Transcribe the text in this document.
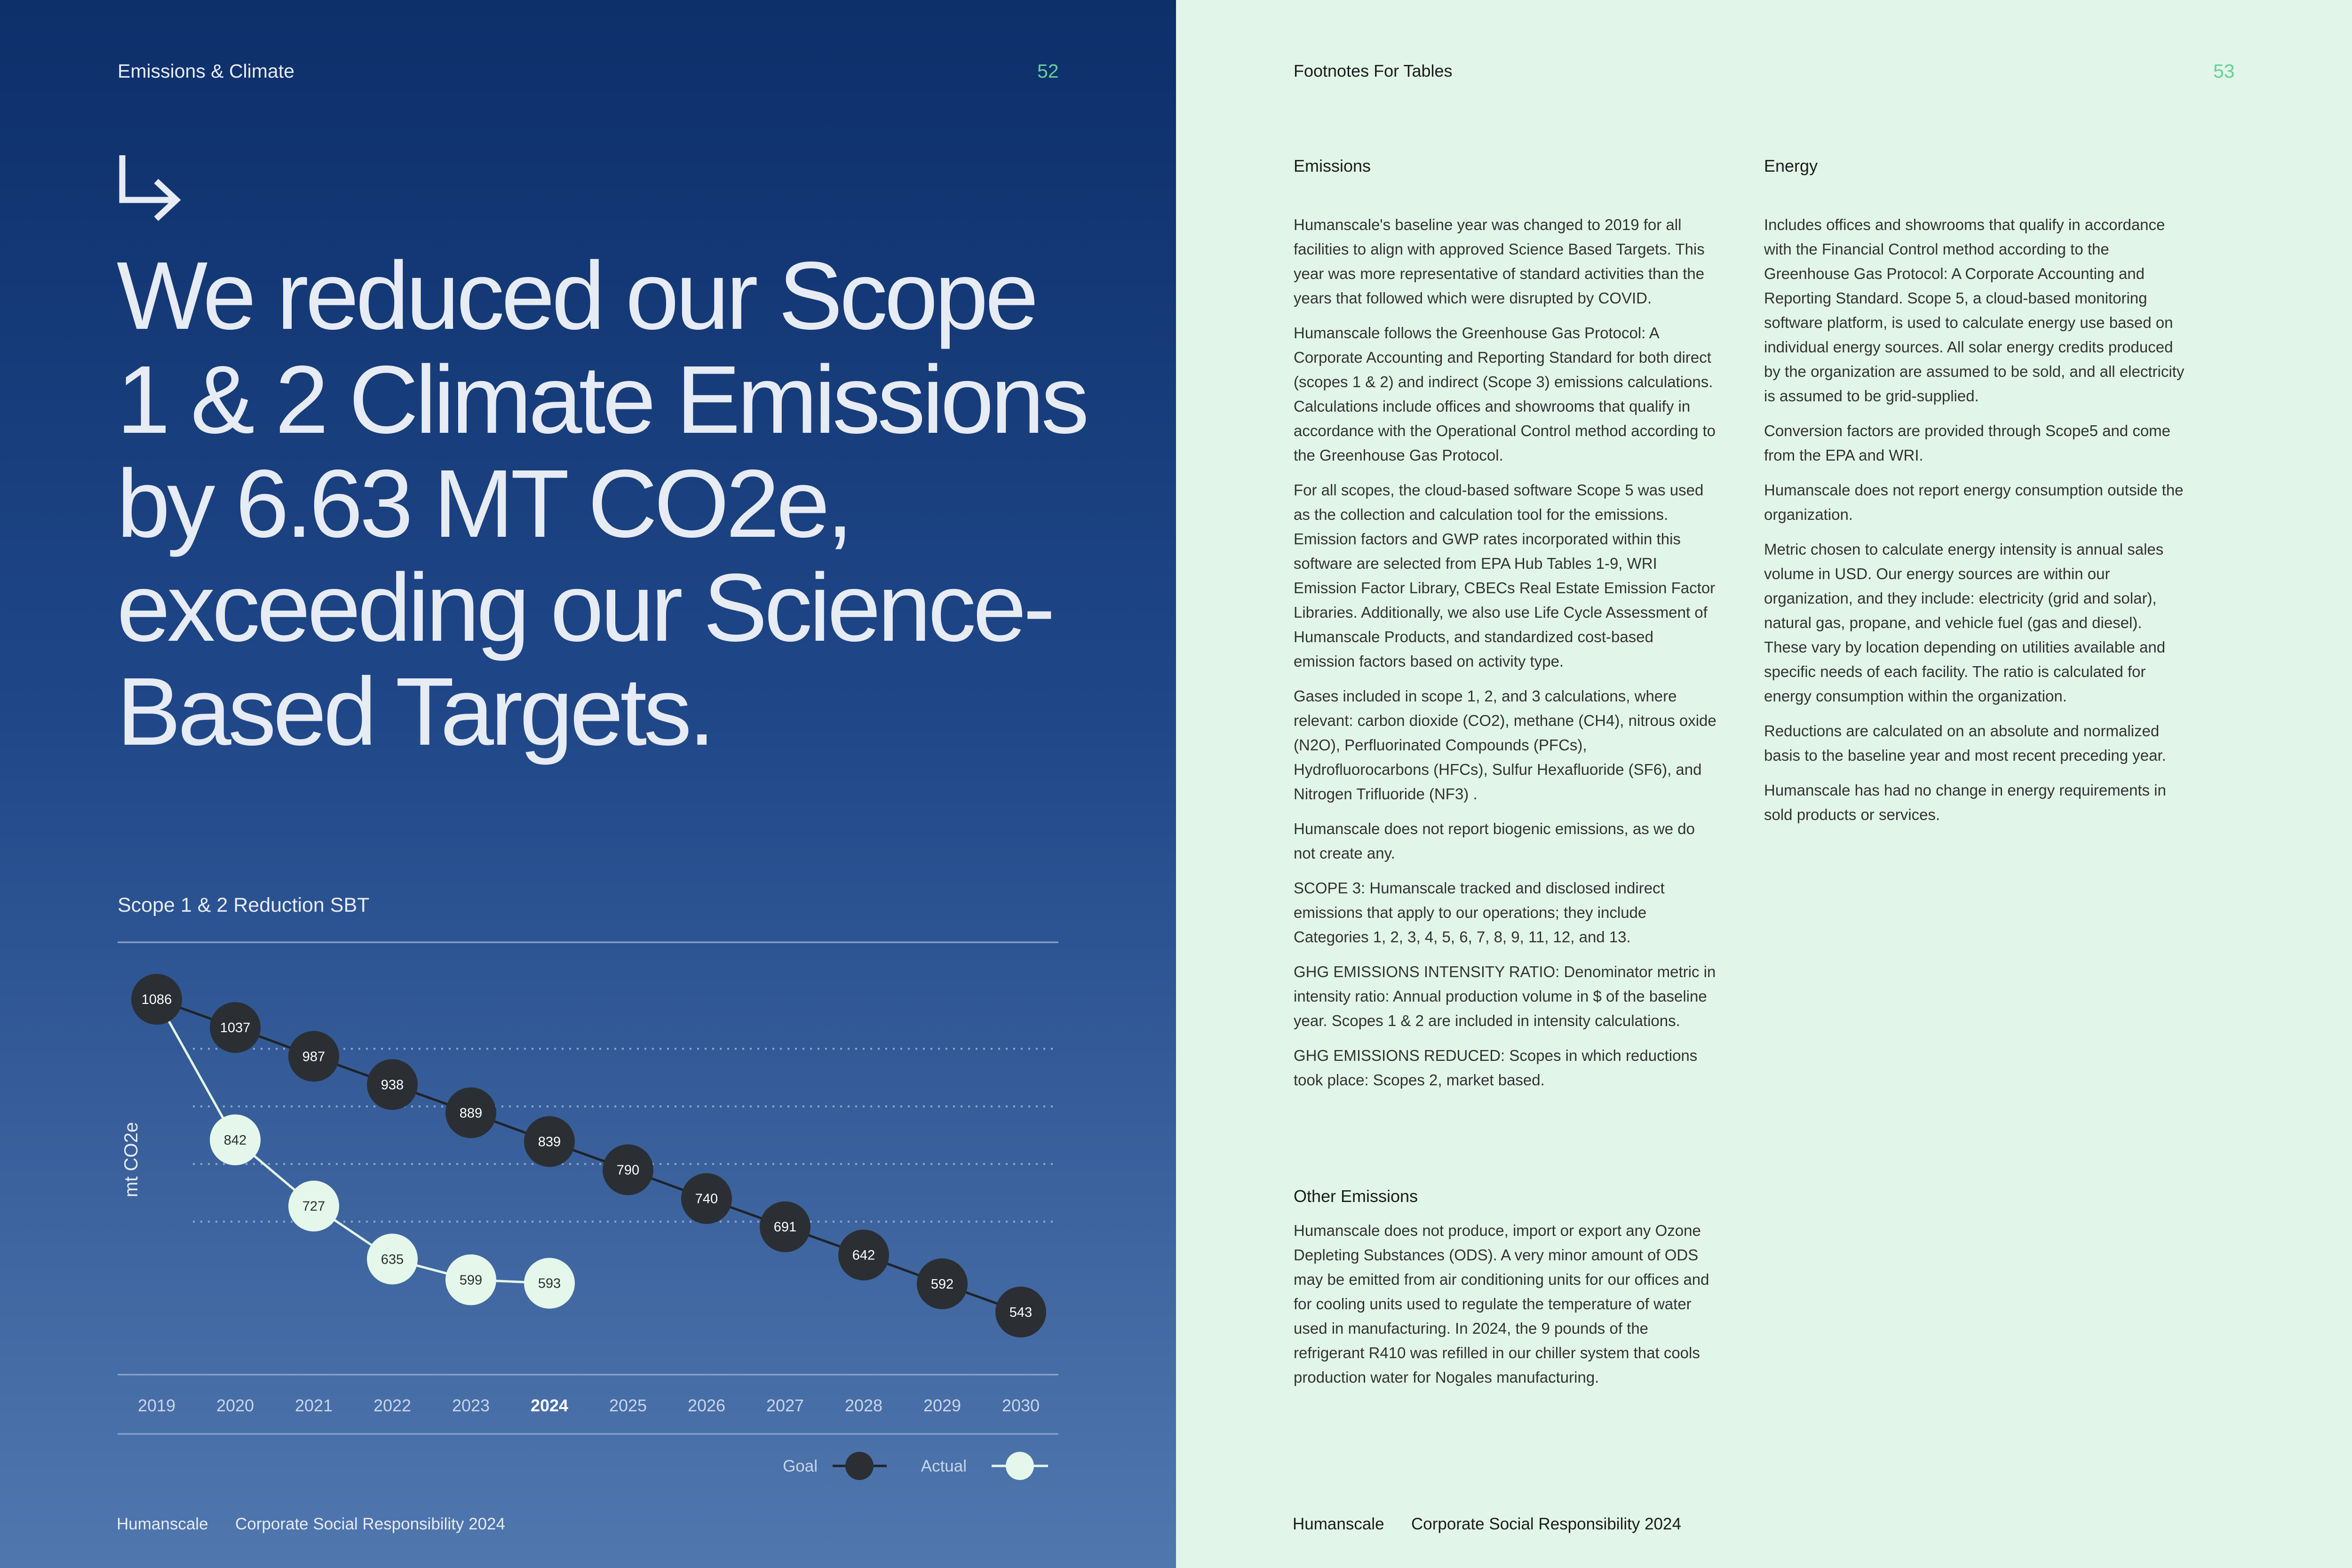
Emissions & Climate	52
We reduced our Scope 1 & 2 Climate Emissions by 6.63 MT CO2e, exceeding our Science-Based Targets.
Scope 1 & 2 Reduction SBT
mt CO2e
1086
1037
987
938
889
839
790
740
691
642
592
543
842
727
635
599	593
2019 2020 2021 2022 2023 2024 2025 2026 2027 2028 2029 2030
Goal	Actual
Humanscale Corporate Social Responsibility 2024
Footnotes For Tables	53
Emissions

Humanscale's baseline year was changed to 2019 for all facilities to align with approved Science Based Targets. This year was more representative of standard activities than the years that followed which were disrupted by COVID.

Humanscale follows the Greenhouse Gas Protocol: A Corporate Accounting and Reporting Standard for both direct (scopes 1 & 2) and indirect (Scope 3) emissions calculations. Calculations include offices and showrooms that qualify in accordance with the Operational Control method according to the Greenhouse Gas Protocol.

For all scopes, the cloud-based software Scope 5 was used as the collection and calculation tool for the emissions. Emission factors and GWP rates incorporated within this software are selected from EPA Hub Tables 1-9, WRI Emission Factor Library, CBECs Real Estate Emission Factor Libraries. Additionally, we also use Life Cycle Assessment of Humanscale Products, and standardized cost-based emission factors based on activity type.

Gases included in scope 1, 2, and 3 calculations, where relevant: carbon dioxide (CO2), methane (CH4), nitrous oxide (N2O), Perfluorinated Compounds (PFCs), Hydrofluorocarbons (HFCs), Sulfur Hexafluoride (SF6), and Nitrogen Trifluoride (NF3) .

Humanscale does not report biogenic emissions, as we do not create any.

SCOPE 3: Humanscale tracked and disclosed indirect emissions that apply to our operations; they include Categories 1, 2, 3, 4, 5, 6, 7, 8, 9, 11, 12, and 13.

GHG EMISSIONS INTENSITY RATIO: Denominator metric in intensity ratio: Annual production volume in $ of the baseline year. Scopes 1 & 2 are included in intensity calculations.

GHG EMISSIONS REDUCED: Scopes in which reductions took place: Scopes 2, market based.

Other Emissions

Humanscale does not produce, import or export any Ozone Depleting Substances (ODS). A very minor amount of ODS may be emitted from air conditioning units for our offices and for cooling units used to regulate the temperature of water used in manufacturing. In 2024, the 9 pounds of the refrigerant R410 was refilled in our chiller system that cools production water for Nogales manufacturing.

Energy

Includes offices and showrooms that qualify in accordance with the Financial Control method according to the Greenhouse Gas Protocol: A Corporate Accounting and Reporting Standard. Scope 5, a cloud-based monitoring software platform, is used to calculate energy use based on individual energy sources. All solar energy credits produced by the organization are assumed to be sold, and all electricity is assumed to be grid-supplied.

Conversion factors are provided through Scope5 and come from the EPA and WRI.

Humanscale does not report energy consumption outside the organization.

Metric chosen to calculate energy intensity is annual sales volume in USD. Our energy sources are within our organization, and they include: electricity (grid and solar), natural gas, propane, and vehicle fuel (gas and diesel). These vary by location depending on utilities available and specific needs of each facility. The ratio is calculated for energy consumption within the organization.

Reductions are calculated on an absolute and normalized basis to the baseline year and most recent preceding year.

Humanscale has had no change in energy requirements in sold products or services.

Humanscale Corporate Social Responsibility 2024
